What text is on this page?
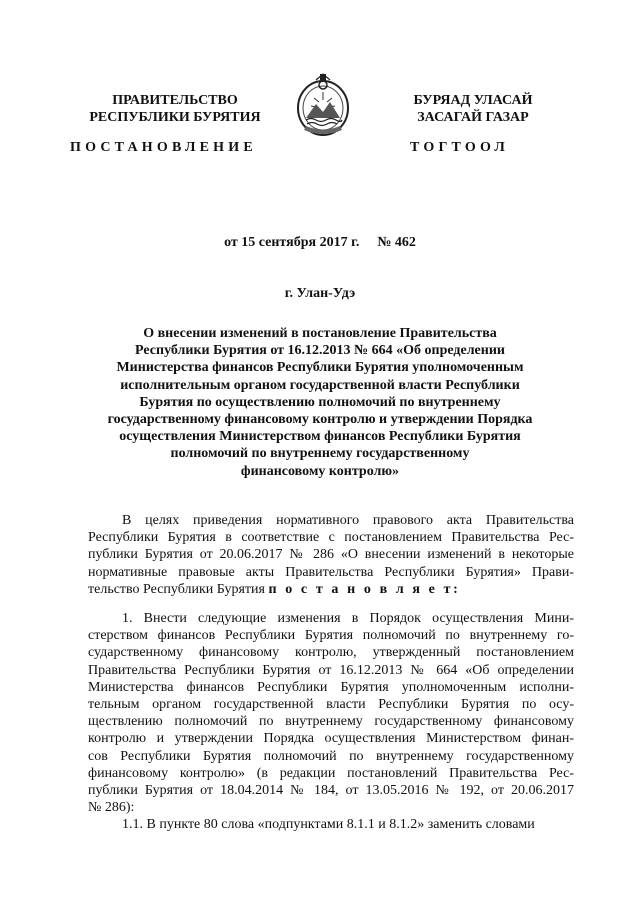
ПРАВИТЕЛЬСТВО
РЕСПУБЛИКИ БУРЯТИЯ
БУРЯАД УЛАСАЙ
ЗАСАГАЙ ГАЗАР
ПОСТАНОВЛЕНИЕ	ТОГТООЛ
от 15 сентября 2017 г. № 462
г. Улан-Удэ
О внесении изменений в постановление Правительства
Республики Бурятия от 16.12.2013 № 664 «Об определении
Министерства финансов Республики Бурятия уполномоченным
исполнительным органом государственной власти Республики
Бурятия по осуществлению полномочий по внутреннему
государственному финансовому контролю и утверждении Порядка
осуществления Министерством финансов Республики Бурятия
полномочий по внутреннему государственному
финансовому контролю»
В целях приведения нормативного правового акта Правительства
Республики Бурятия в соответствие с постановлением Правительства Рес-
публики Бурятия от 20.06.2017 № 286 «О внесении изменений в некоторые
нормативные правовые акты Правительства Республики Бурятия» Прави-
тельство Республики Бурятия п о с т а н о в л я е т:
1. Внести следующие изменения в Порядок осуществления Мини-
стерством финансов Республики Бурятия полномочий по внутреннему го-
сударственному финансовому контролю, утвержденный постановлением
Правительства Республики Бурятия от 16.12.2013 № 664 «Об определении
Министерства финансов Республики Бурятия уполномоченным исполни-
тельным органом государственной власти Республики Бурятия по осу-
ществлению полномочий по внутреннему государственному финансовому
контролю и утверждении Порядка осуществления Министерством финан-
сов Республики Бурятия полномочий по внутреннему государственному
финансовому контролю» (в редакции постановлений Правительства Рес-
публики Бурятия от 18.04.2014 № 184, от 13.05.2016 № 192, от 20.06.2017
№ 286):
1.1. В пункте 80 слова «подпунктами 8.1.1 и 8.1.2» заменить словами
